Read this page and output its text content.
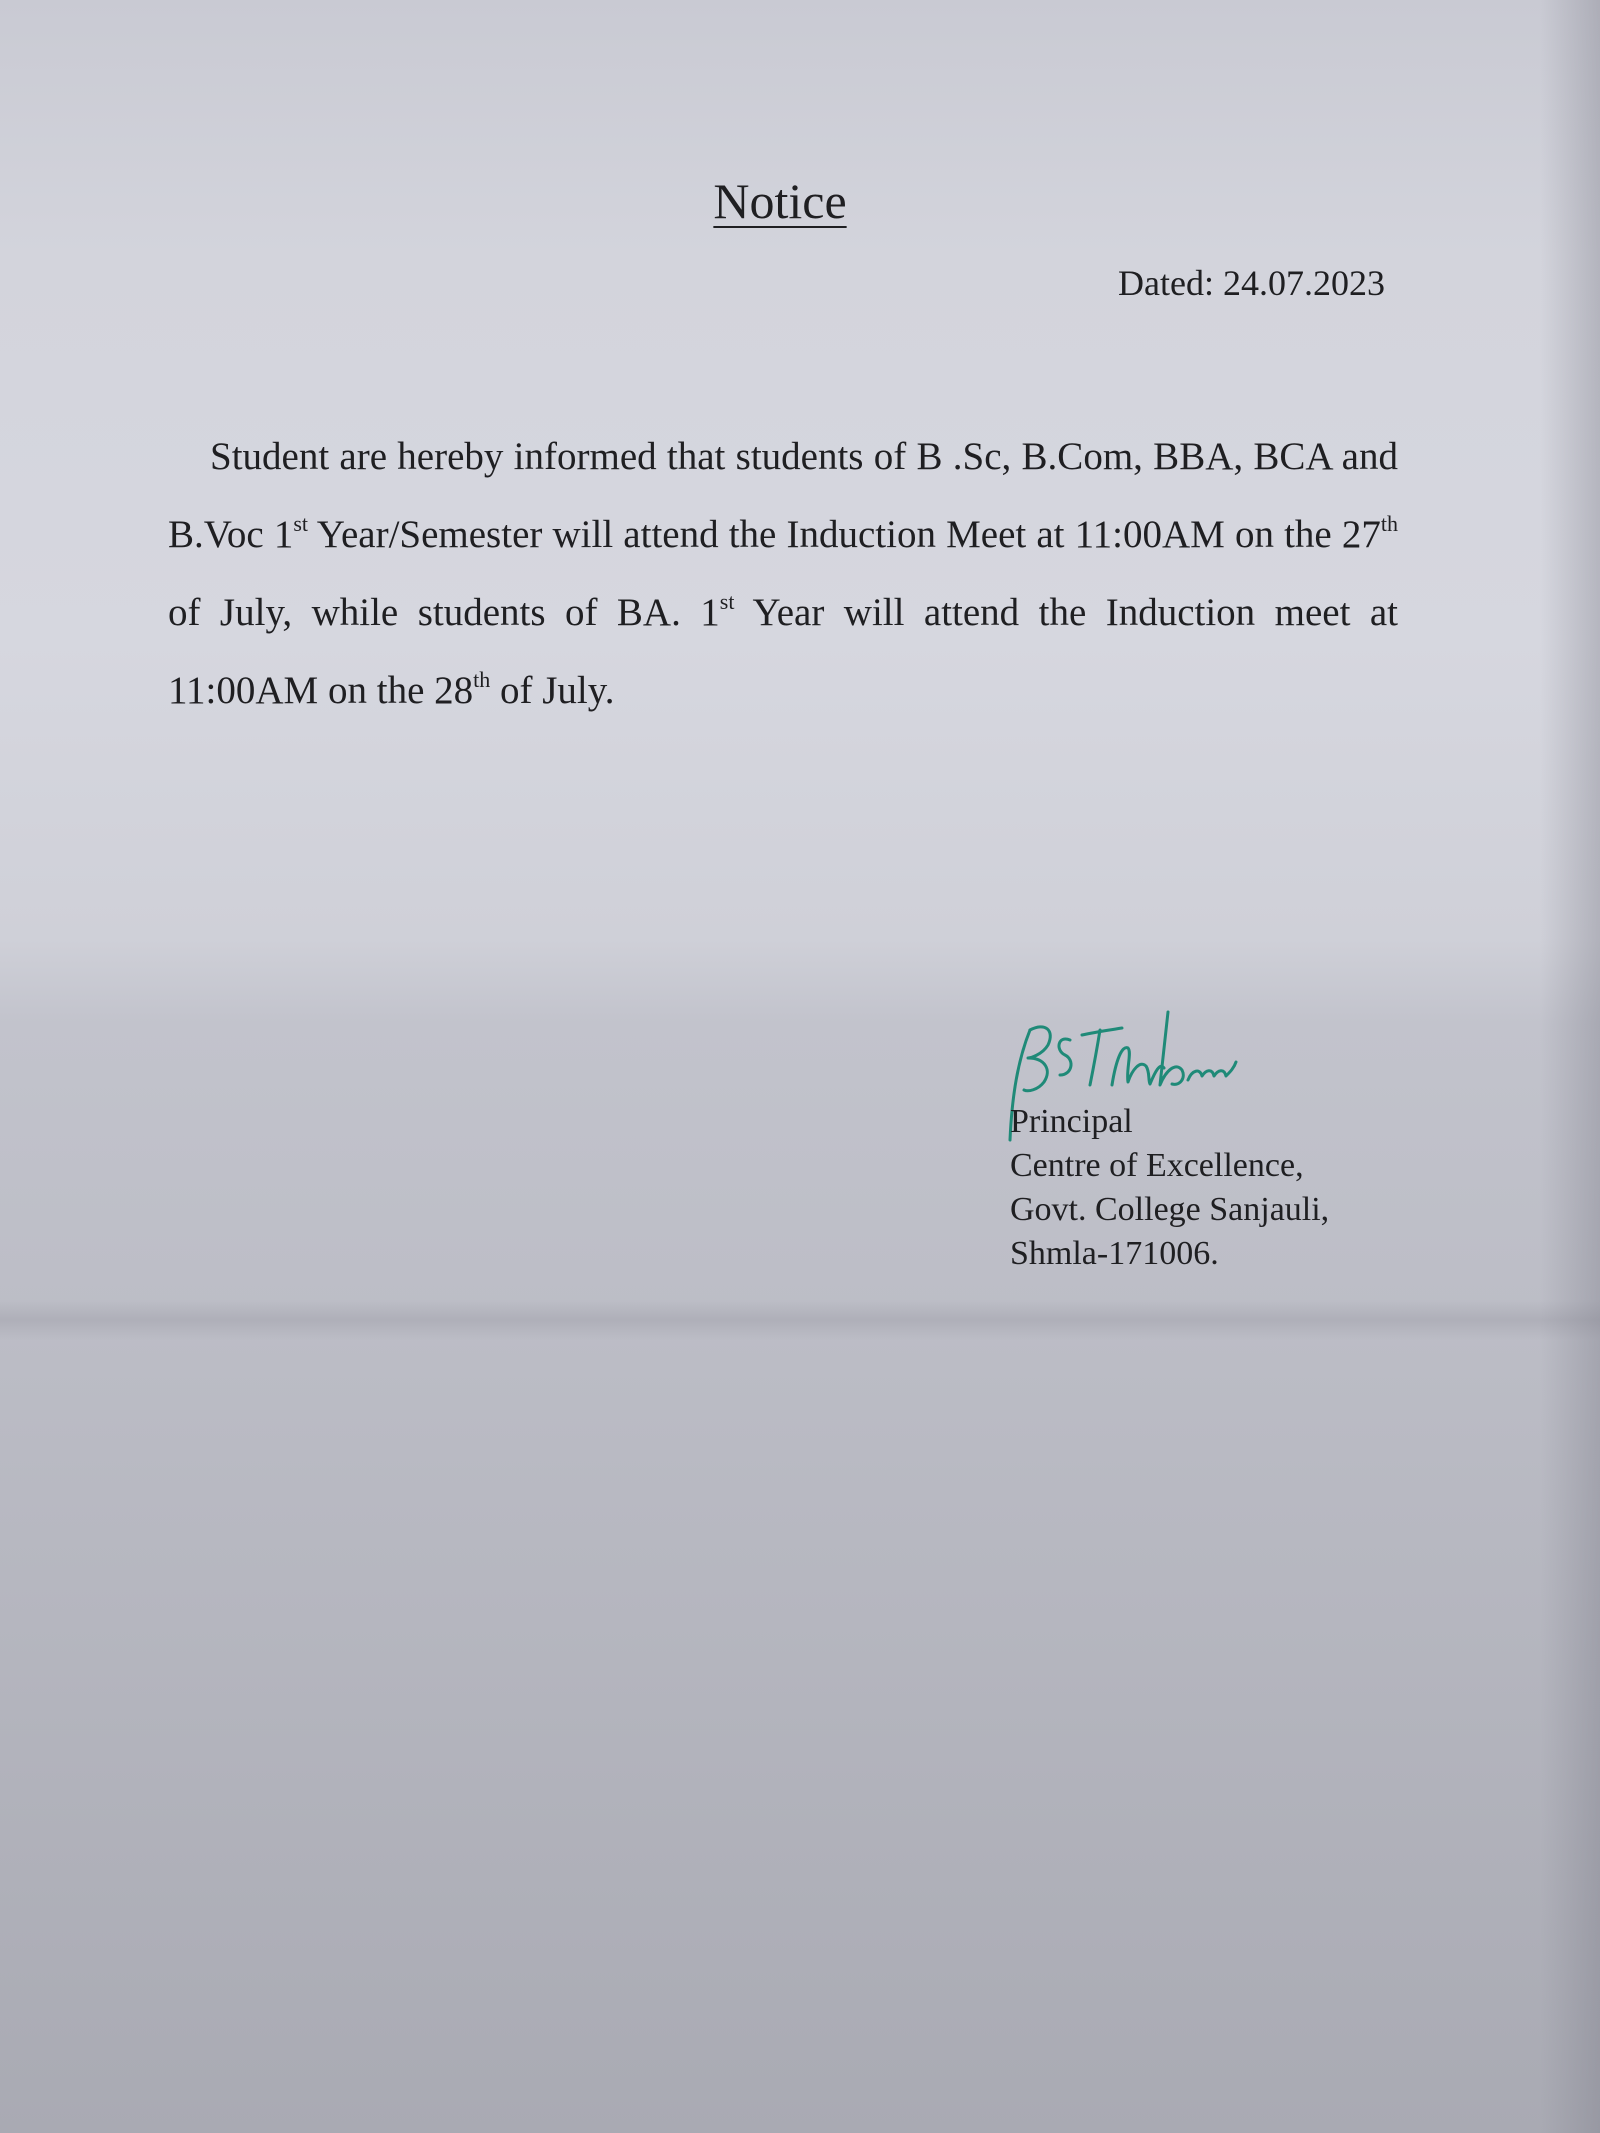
Notice
Dated: 24.07.2023

Student are hereby informed that students of B .Sc, B.Com, BBA, BCA and B.Voc 1st Year/Semester will attend the Induction Meet at 11:00AM on the 27th of July, while students of BA. 1st Year will attend the Induction meet at 11:00AM on the 28th of July.

Principal
Centre of Excellence,
Govt. College Sanjauli,
Shmla-171006.
